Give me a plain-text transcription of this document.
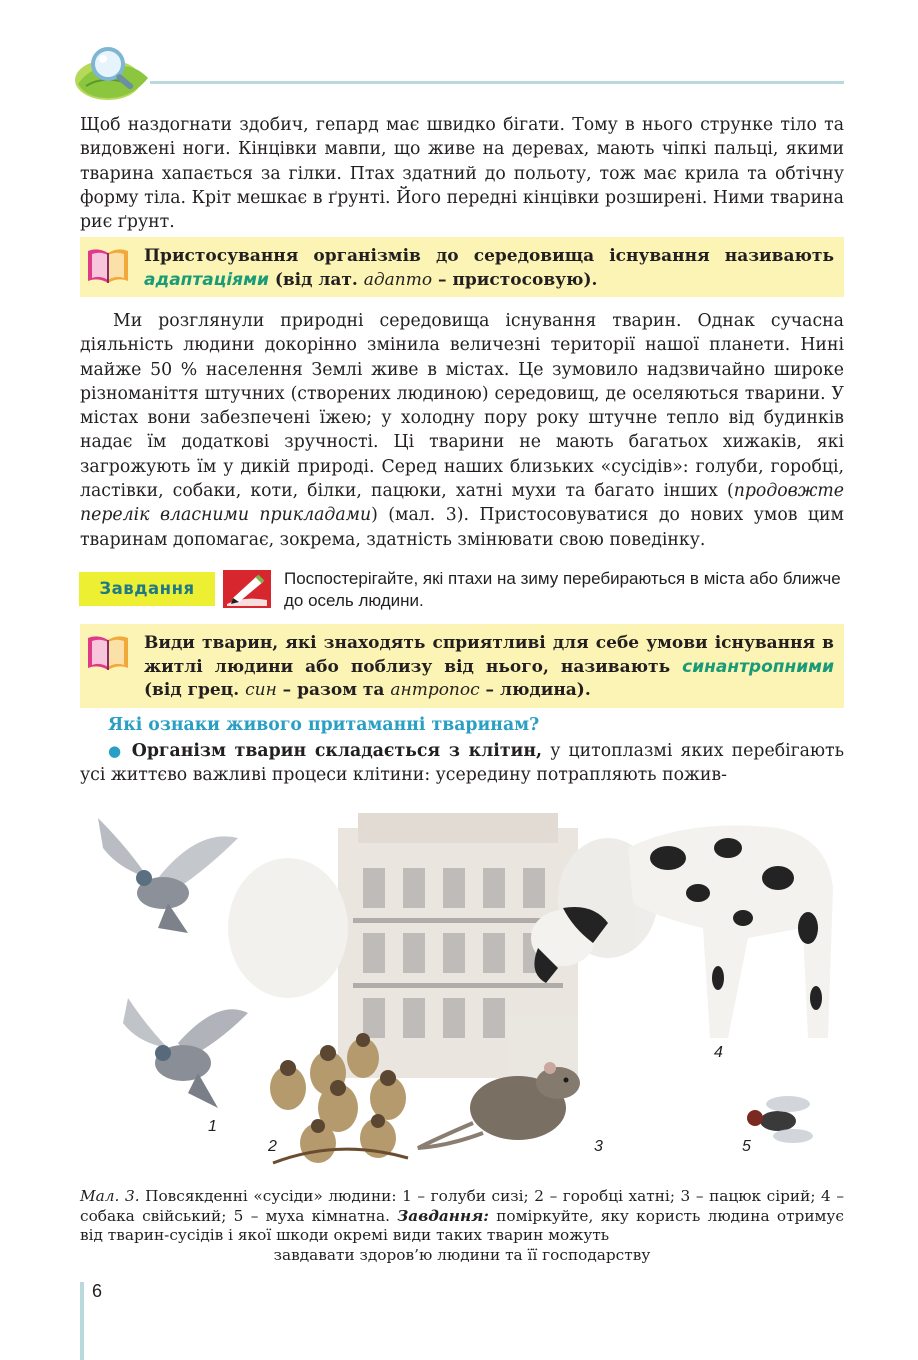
Щоб наздогнати здобич, гепард має швидко бігати. Тому в нього струнке тіло та видовжені ноги. Кінцівки мавпи, що живе на деревах, мають чіпкі пальці, якими тварина хапається за гілки. Птах здатний до польоту, тож має крила та обтічну форму тіла. Кріт мешкає в ґрунті. Його передні кінцівки розширені. Ними тварина риє ґрунт.

Пристосування організмів до середовища існування називають адаптаціями (від лат. адапто – пристосовую).

Ми розглянули природні середовища існування тварин. Однак сучасна діяльність людини докорінно змінила величезні території нашої планети. Нині майже 50 % населення Землі живе в містах. Це зумовило надзвичайно широке різноманіття штучних (створених людиною) середовищ, де оселяються тварини. У містах вони забезпечені їжею; у холодну пору року штучне тепло від будинків надає їм додаткові зручності. Ці тварини не мають багатьох хижаків, які загрожують їм у дикій природі. Серед наших близьких «сусідів»: голуби, горобці, ластівки, собаки, коти, білки, пацюки, хатні мухи та багато інших (продовжте перелік власними прикладами) (мал. 3). Пристосовуватися до нових умов цим тваринам допомагає, зокрема, здатність змінювати свою поведінку.

Завдання

Поспостерігайте, які птахи на зиму перебираються в міста або ближче до осель людини.

Види тварин, які знаходять сприятливі для себе умови існування в житлі людини або поблизу від нього, називають синантропними (від грец. син – разом та антропос – людина).

Які ознаки живого притаманні тваринам?

● Організм тварин складається з клітин, у цитоплазмі яких перебігають усі життєво важливі процеси клітини: усередину потрапляють пожив-

1
2	3
4
5

Мал. 3. Повсякденні «сусіди» людини: 1 – голуби сизі; 2 – горобці хатні; 3 – пацюк сірий; 4 – собака свійський; 5 – муха кімнатна. Завдання: поміркуйте, яку користь людина отримує від тварин-сусідів і якої шкоди окремі види таких тварин можуть
завдавати здоров’ю людини та її господарству

6
